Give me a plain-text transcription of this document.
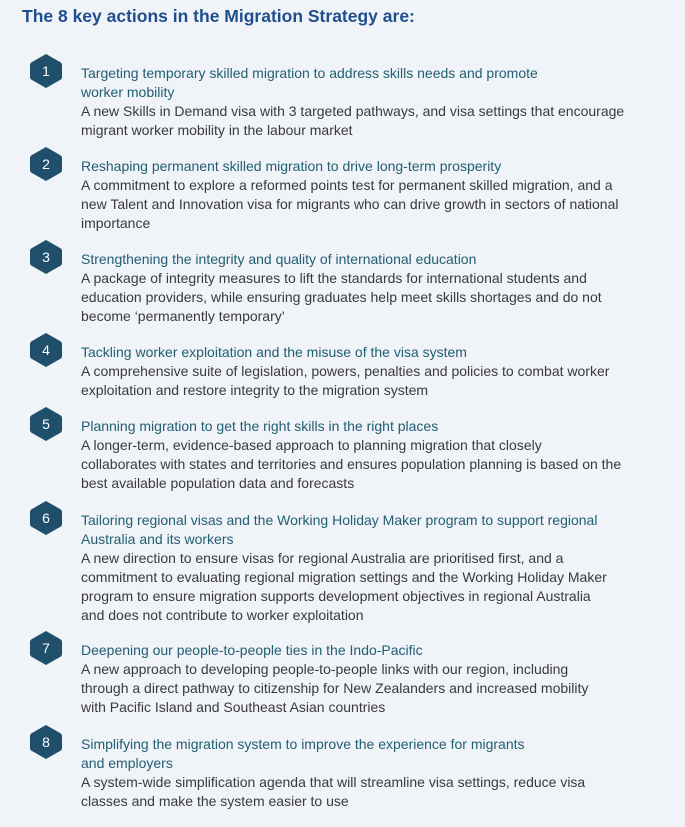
The 8 key actions in the Migration Strategy are:
1	Targeting temporary skilled migration to address skills needs and promote
worker mobility
A new Skills in Demand visa with 3 targeted pathways, and visa settings that encourage
migrant worker mobility in the labour market
2	Reshaping permanent skilled migration to drive long-term prosperity
A commitment to explore a reformed points test for permanent skilled migration, and a
new Talent and Innovation visa for migrants who can drive growth in sectors of national
importance
3	Strengthening the integrity and quality of international education
A package of integrity measures to lift the standards for international students and
education providers, while ensuring graduates help meet skills shortages and do not
become ‘permanently temporary’
4	Tackling worker exploitation and the misuse of the visa system
A comprehensive suite of legislation, powers, penalties and policies to combat worker
exploitation and restore integrity to the migration system
5	Planning migration to get the right skills in the right places
A longer-term, evidence-based approach to planning migration that closely
collaborates with states and territories and ensures population planning is based on the
best available population data and forecasts
6	Tailoring regional visas and the Working Holiday Maker program to support regional
Australia and its workers
A new direction to ensure visas for regional Australia are prioritised first, and a
commitment to evaluating regional migration settings and the Working Holiday Maker
program to ensure migration supports development objectives in regional Australia
and does not contribute to worker exploitation
7	Deepening our people-to-people ties in the Indo-Pacific
A new approach to developing people-to-people links with our region, including
through a direct pathway to citizenship for New Zealanders and increased mobility
with Pacific Island and Southeast Asian countries
8	Simplifying the migration system to improve the experience for migrants
and employers
A system-wide simplification agenda that will streamline visa settings, reduce visa
classes and make the system easier to use
